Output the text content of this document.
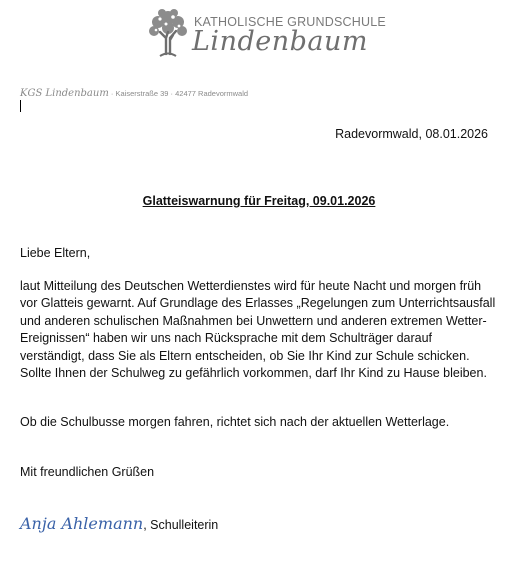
KATHOLISCHE GRUNDSCHULE
Lindenbaum
KGS Lindenbaum · Kaiserstraße 39 · 42477 Radevormwald
Radevormwald, 08.01.2026
Glatteiswarnung für Freitag, 09.01.2026
Liebe Eltern,
laut Mitteilung des Deutschen Wetterdienstes wird für heute Nacht und morgen früh vor Glatteis gewarnt. Auf Grundlage des Erlasses „Regelungen zum Unterrichtsausfall und anderen schulischen Maßnahmen bei Unwettern und anderen extremen Wetter-Ereignissen“ haben wir uns nach Rücksprache mit dem Schulträger darauf verständigt, dass Sie als Eltern entscheiden, ob Sie Ihr Kind zur Schule schicken. Sollte Ihnen der Schulweg zu gefährlich vorkommen, darf Ihr Kind zu Hause bleiben.
Ob die Schulbusse morgen fahren, richtet sich nach der aktuellen Wetterlage.
Mit freundlichen Grüßen
Anja Ahlemann, Schulleiterin
